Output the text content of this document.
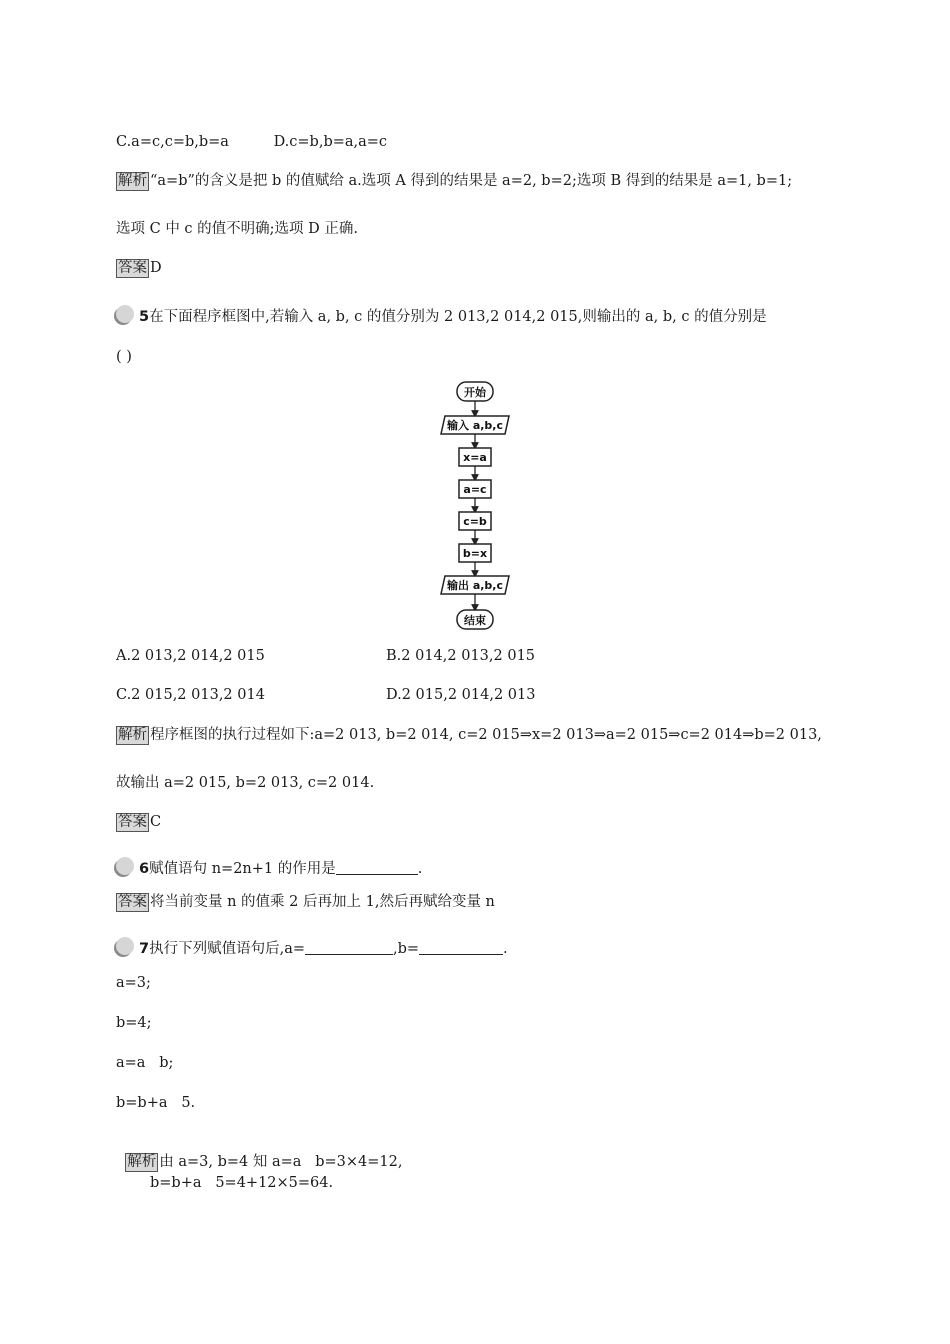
C.a=c,c=b,b=a	D.c=b,b=a,a=c
解析 “a=b”的含义是把 b 的值赋给 a.选项 A 得到的结果是 a=2, b=2;选项 B 得到的结果是 a=1, b=1;
选项 C 中 c 的值不明确;选项 D 正确.
答案 D
5在下面程序框图中,若输入 a, b, c 的值分别为 2 013,2 014,2 015,则输出的 a, b, c 的值分别是
( )
开始
输入 a,b,c
x=a
a=c
c=b
b=x
输出 a,b,c
结束
A.2 013,2 014,2 015	B.2 014,2 013,2 015
C.2 015,2 013,2 014	D.2 015,2 014,2 013
解析 程序框图的执行过程如下:a=2 013, b=2 014, c=2 015⇒x=2 013⇒a=2 015⇒c=2 014⇒b=2 013,
故输出 a=2 015, b=2 013, c=2 014.
答案 C
6赋值语句 n=2n+1 的作用是	.
答案 将当前变量 n 的值乘 2 后再加上 1,然后再赋给变量 n
7执行下列赋值语句后,a=	,b=	.
a=3;
b=4;
a=a   b;
b=b+a   5.

解析 由 a=3, b=4 知 a=a   b=3×4=12,

b=b+a   5=4+12×5=64.
